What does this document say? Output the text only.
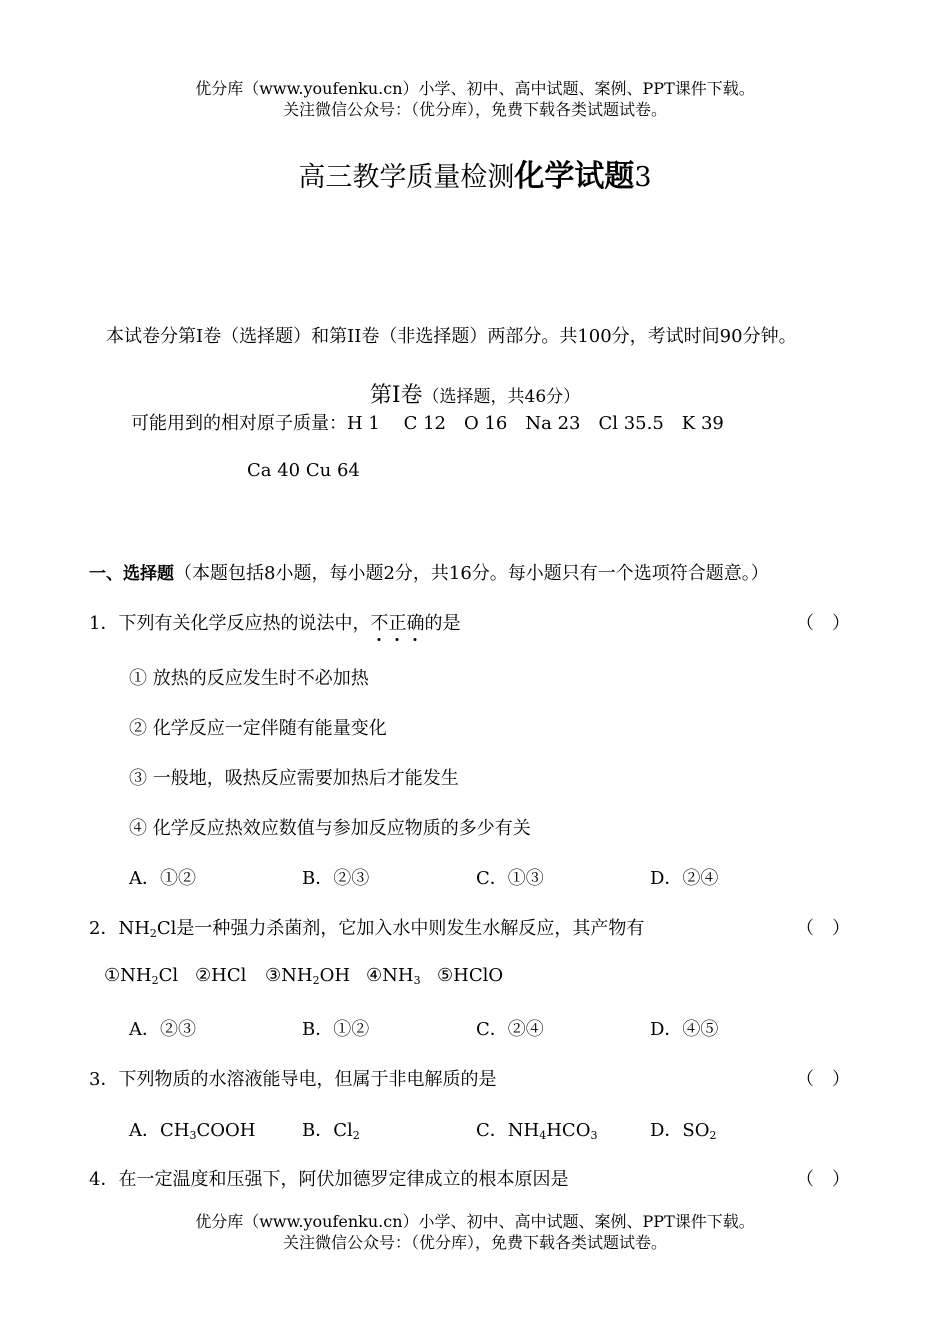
优分库（www.youfenku.cn）小学、初中、高中试题、案例、PPT课件下载。
关注微信公众号：（优分库），免费下载各类试题试卷。
高三教学质量检测化学试题3
本试卷分第I卷（选择题）和第II卷（非选择题）两部分。共100分，考试时间90分钟。
第Ⅰ卷（选择题，共46分）
可能用到的相对原子质量：H 1　 C 12　O 16　Na 23　Cl 35.5　K 39
Ca 40 Cu 64
一、选择题（本题包括8小题，每小题2分，共16分。每小题只有一个选项符合题意。）
1．下列有关化学反应热的说法中，不正确的是	（　）
① 放热的反应发生时不必加热
② 化学反应一定伴随有能量变化
③ 一般地，吸热反应需要加热后才能发生
④ 化学反应热效应数值与参加反应物质的多少有关
A．①②	B．②③	C．①③	D．②④
2．$NH_2Cl$是一种强力杀菌剂，它加入水中则发生水解反应，其产物有	（　）
$①NH_2Cl$ ②HCl $③NH_2OH$ $④NH_3$ ⑤HClO
A．②③	B．①②	C．②④	D．④⑤
3．下列物质的水溶液能导电，但属于非电解质的是	（　）
A．$CH_3COOH$	B．$Cl_2$	C．$NH_4HCO_3$	D．$SO_2$
4．在一定温度和压强下，阿伏加德罗定律成立的根本原因是	（　）
优分库（www.youfenku.cn）小学、初中、高中试题、案例、PPT课件下载。
关注微信公众号：（优分库），免费下载各类试题试卷。
